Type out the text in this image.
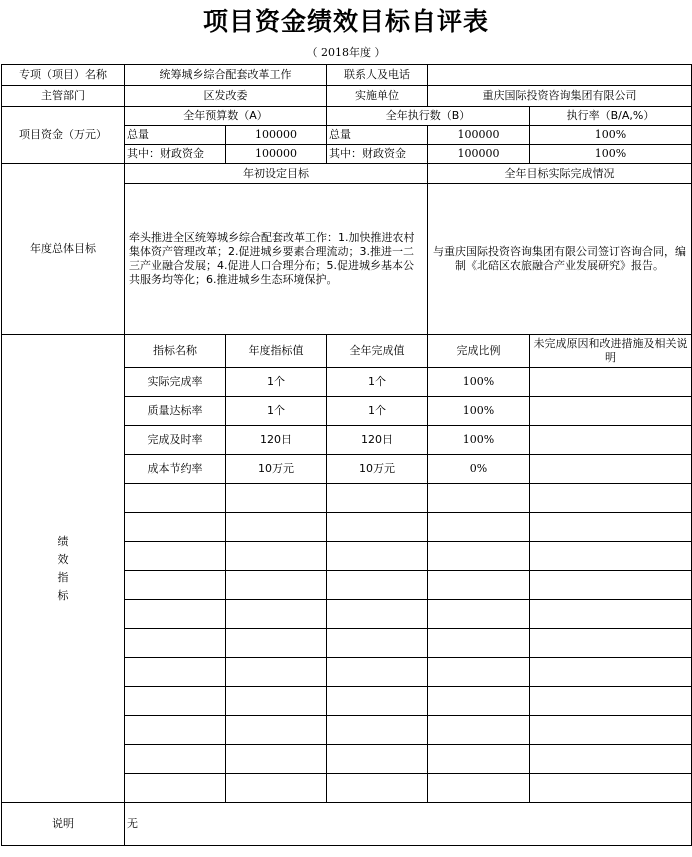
项目资金绩效目标自评表
（ 2018年度 ）
专项（项目）名称	统筹城乡综合配套改革工作		联系人及电话		
主管部门	区发改委		实施单位	重庆国际投资咨询集团有限公司	
项目资金（万元）	全年预算数（A）		全年执行数（B）		执行率（B/A,%）
	总量	100000	总量	100000	100%
	其中：财政资金	100000	其中：财政资金	100000	100%
年度总体目标	年初设定目标			全年目标实际完成情况	
	牵头推进全区统筹城乡综合配套改革工作：1.加快推进农村集体资产管理改革；2.促进城乡要素合理流动；3.推进一二三产业融合发展；4.促进人口合理分布；5.促进城乡基本公共服务均等化；6.推进城乡生态环境保护。			与重庆国际投资咨询集团有限公司签订咨询合同，编制《北碚区农旅融合产业发展研究》报告。	
绩效指标	指标名称	年度指标值	全年完成值	完成比例	未完成原因和改进措施及相关说明
	实际完成率	1个	1个	100%	
	质量达标率	1个	1个	100%	
	完成及时率	120日	120日	100%	
	成本节约率	10万元	10万元	0%	

说明	无				
